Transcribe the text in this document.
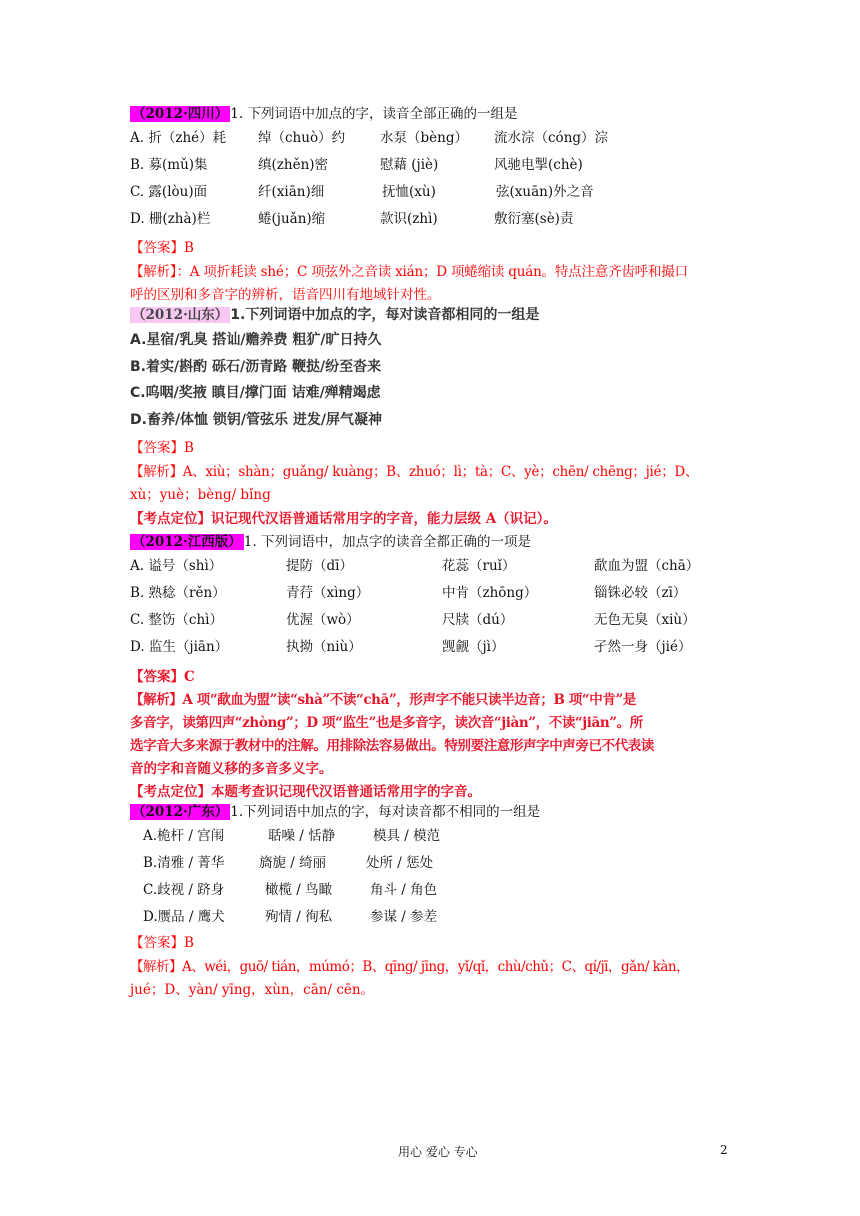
（2012·四川） 1. 下列词语中加点的字，读音全部正确的一组是
A. 折（zhé）耗 绰（chuò）约	水泵（bèng） 流水淙（cóng）淙
B. 募(mǔ)集	缜(zhěn)密	慰藉 (jiè)	风驰电掣(chè)
C. 露(lòu)面	纤(xiān)细	抚恤(xù)	弦(xuān)外之音
D. 栅(zhà)栏	蜷(juǎn)缩	款识(zhì)	敷衍塞(sè)责
【答案】B
【解析】：A 项折耗读 shé；C 项弦外之音读 xián；D 项蜷缩读 quán。特点注意齐齿呼和撮口
呼的区别和多音字的辨析，语音四川有地域针对性。
（2012·山东） 1.下列词语中加点的字，每对读音都相同的一组是
A.星宿/乳臭 搭讪/赡养费 粗犷/旷日持久
B.着实/斟酌 砾石/沥青路 鞭挞/纷至沓来
C.呜咽/奖掖 瞋目/撑门面 诘难/殚精竭虑
D.畜养/体恤 锁钥/管弦乐 迸发/屏气凝神
【答案】B
【解析】A、xiù；shàn；guǎng/ kuàng；B、zhuó；lì；tà；C、yè；chēn/ chēng；jié；D、
xù；yuè；bèng/ bǐng
【考点定位】识记现代汉语普通话常用字的字音，能力层级 A（识记）。
（2012·江西版） 1. 下列词语中，加点字的读音全都正确的一项是
A. 谥号（shì）	提防（dī）	花蕊（ruǐ）	歃血为盟（chā）
B. 熟稔（rěn）	青荇（xìng）	中肯（zhōng）	锱铢必较（zī）
C. 整饬（chì）	优渥（wò）	尺牍（dú）	无色无臭（xiù）
D. 监生（jiān）	执拗（niù）	觊觎（jì）	孑然一身（jié）
【答案】C
【解析】A 项“歃血为盟”读“shà”不读“chā”，形声字不能只读半边音；B 项“中肯”是
多音字，读第四声“zhòng”；D 项“监生”也是多音字，读次音“jiàn”，不读“jiān”。所
选字音大多来源于教材中的注解。用排除法容易做出。特别要注意形声字中声旁已不代表读
音的字和音随义移的多音多义字。
【考点定位】本题考查识记现代汉语普通话常用字的字音。
（2012·广东） 1.下列词语中加点的字，每对读音都不相同的一组是
A.桅杆 / 宫闱	聒噪 / 恬静	模具 / 模范
B.清雅 / 菁华	旖旎 / 绮丽	处所 / 惩处
C.歧视 / 跻身	橄榄 / 鸟瞰	角斗 / 角色
D.赝品 / 鹰犬	殉情 / 徇私	参谋 / 参差
【答案】B
【解析】A、wéi，guō/ tián，múmó；B、qīng/ jīng，yǐ/qǐ，chù/chǔ；C、qí/jī，gǎn/ kàn，
jué；D、yàn/ yīng，xùn，cān/ cēn。
用心 爱心 专心	2
